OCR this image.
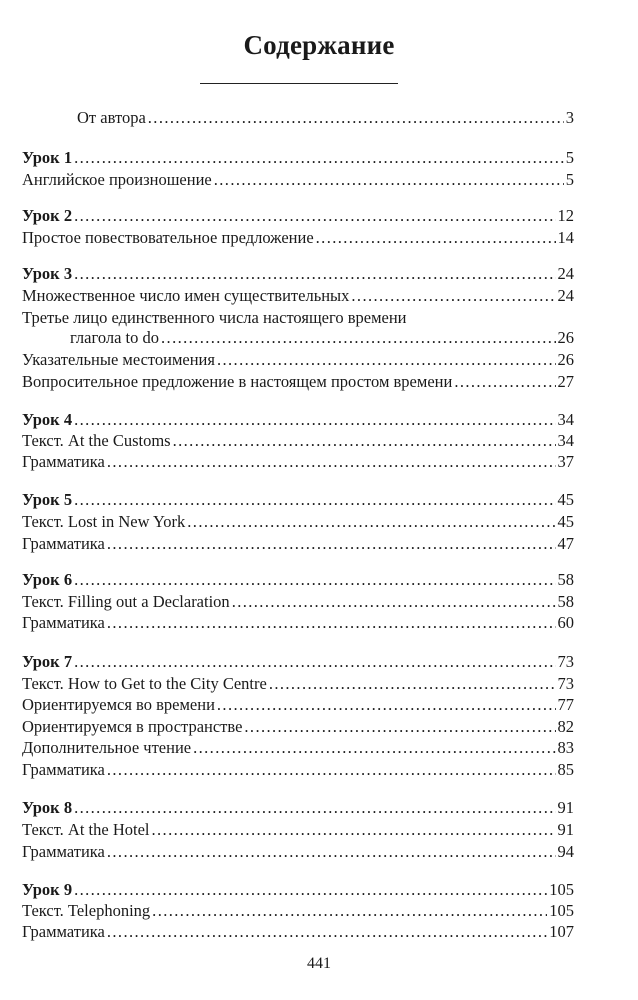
Содержание
От автора .....	3
Урок 1 .....	5
Английское произношение .....	5
Урок 2 .....	12
Простое повествовательное предложение .....	14
Урок 3 .....	24
Множественное число имен существительных .....	24
Третье лицо единственного числа настоящего времени
глагола to do .....	26
Указательные местоимения .....	26
Вопросительное предложение в настоящем простом времени .....	27
Урок 4 .....	34
Текст. At the Customs .....	34
Грамматика .....	37
Урок 5 .....	45
Текст. Lost in New York .....	45
Грамматика .....	47
Урок 6 .....	58
Текст. Filling out a Declaration .....	58
Грамматика .....	60
Урок 7 .....	73
Текст. How to Get to the City Centre .....	73
Ориентируемся во времени .....	77
Ориентируемся в пространстве .....	82
Дополнительное чтение .....	83
Грамматика .....	85
Урок 8 .....	91
Текст. At the Hotel .....	91
Грамматика .....	94
Урок 9 .....	105
Текст. Telephoning .....	105
Грамматика .....	107
441
